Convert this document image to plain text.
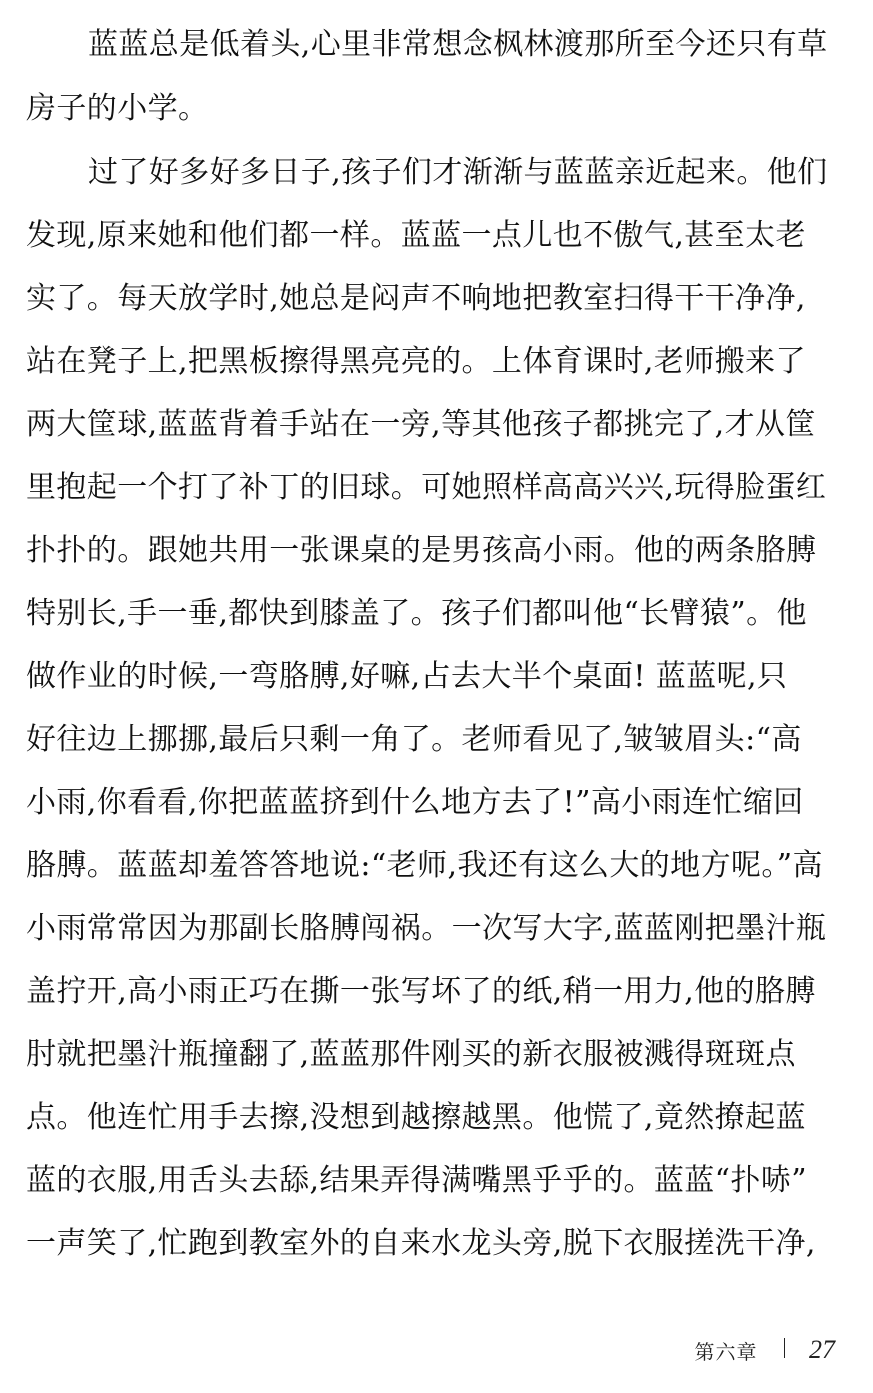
蓝蓝总是低着头,心里非常想念枫林渡那所至今还只有草
房子的小学。
过了好多好多日子,孩子们才渐渐与蓝蓝亲近起来。他们
发现,原来她和他们都一样。蓝蓝一点儿也不傲气,甚至太老
实了。每天放学时,她总是闷声不响地把教室扫得干干净净,
站在凳子上,把黑板擦得黑亮亮的。上体育课时,老师搬来了
两大筐球,蓝蓝背着手站在一旁,等其他孩子都挑完了,才从筐
里抱起一个打了补丁的旧球。可她照样高高兴兴,玩得脸蛋红
扑扑的。跟她共用一张课桌的是男孩高小雨。他的两条胳膊
特别长,手一垂,都快到膝盖了。孩子们都叫他“长臂猿”。他
做作业的时候,一弯胳膊,好嘛,占去大半个桌面! 蓝蓝呢,只
好往边上挪挪,最后只剩一角了。老师看见了,皱皱眉头:“高
小雨,你看看,你把蓝蓝挤到什么地方去了!”高小雨连忙缩回
胳膊。蓝蓝却羞答答地说:“老师,我还有这么大的地方呢。”高
小雨常常因为那副长胳膊闯祸。一次写大字,蓝蓝刚把墨汁瓶
盖拧开,高小雨正巧在撕一张写坏了的纸,稍一用力,他的胳膊
肘就把墨汁瓶撞翻了,蓝蓝那件刚买的新衣服被溅得斑斑点
点。他连忙用手去擦,没想到越擦越黑。他慌了,竟然撩起蓝
蓝的衣服,用舌头去舔,结果弄得满嘴黑乎乎的。蓝蓝“扑哧”
一声笑了,忙跑到教室外的自来水龙头旁,脱下衣服搓洗干净,
第六章 27
